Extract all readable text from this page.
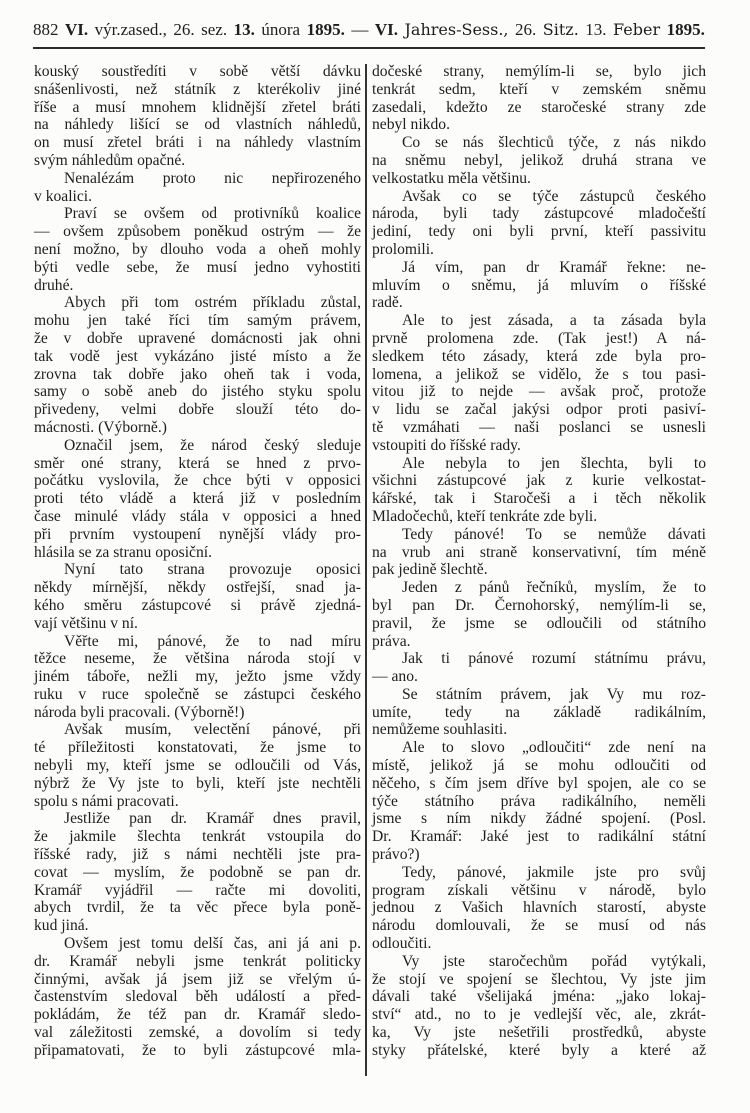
882 VI. výr.zased., 26. sez. 13. února 1895. — VI. Jahres-Sess., 26. Sitz. 13. Feber 1895.
kouský soustředíti v sobě větší dávku
snášenlivosti, než státník z kterékoliv jiné
říše a musí mnohem klidnější zřetel bráti
na náhledy lišící se od vlastních náhledů,
on musí zřetel bráti i na náhledy vlastním
svým náhledům opačné.
Nenalézám proto nic nepřirozeného
v koalici.
Praví se ovšem od protivníků koalice
— ovšem způsobem poněkud ostrým — že
není možno, by dlouho voda a oheň mohly
býti vedle sebe, že musí jedno vyhostiti
druhé.
Abych při tom ostrém příkladu zůstal,
mohu jen také říci tím samým právem,
že v dobře upravené domácnosti jak ohni
tak vodě jest vykázáno jisté místo a že
zrovna tak dobře jako oheň tak i voda,
samy o sobě aneb do jistého styku spolu
přivedeny, velmi dobře slouží této do-
mácnosti. (Výborně.)
Označil jsem, že národ český sleduje
směr oné strany, která se hned z prvo-
počátku vyslovila, že chce býti v opposici
proti této vládě a která již v posledním
čase minulé vlády stála v opposici a hned
při prvním vystoupení nynější vlády pro-
hlásila se za stranu oposiční.
Nyní tato strana provozuje oposici
někdy mírnější, někdy ostřejší, snad ja-
kého směru zástupcové si právě zjedná-
vají většinu v ní.
Věřte mi, pánové, že to nad míru
těžce neseme, že většina národa stojí v
jiném táboře, nežli my, ježto jsme vždy
ruku v ruce společně se zástupci českého
národa byli pracovali. (Výborně!)
Avšak musím, velectění pánové, při
té příležitosti konstatovati, že jsme to
nebyli my, kteří jsme se odloučili od Vás,
nýbrž že Vy jste to byli, kteří jste nechtěli
spolu s námi pracovati.
Jestliže pan dr. Kramář dnes pravil,
že jakmile šlechta tenkrát vstoupila do
říšské rady, již s námi nechtěli jste pra-
covat — myslím, že podobně se pan dr.
Kramář vyjádřil — račte mi dovoliti,
abych tvrdil, že ta věc přece byla poně-
kud jiná.
Ovšem jest tomu delší čas, ani já ani p.
dr. Kramář nebyli jsme tenkrát politicky
činnými, avšak já jsem již se vřelým ú-
častenstvím sledoval běh událostí a před-
pokládám, že též pan dr. Kramář sledo-
val záležitosti zemské, a dovolím si tedy
připamatovati, že to byli zástupcové mla-
dočeské strany, nemýlím-li se, bylo jich
tenkrát sedm, kteří v zemském sněmu
zasedali, kdežto ze staročeské strany zde
nebyl nikdo.
Co se nás šlechticů týče, z nás nikdo
na sněmu nebyl, jelikož druhá strana ve
velkostatku měla většinu.
Avšak co se týče zástupců českého
národa, byli tady zástupcové mladočeští
jediní, tedy oni byli první, kteří passivitu
prolomili.
Já vím, pan dr Kramář řekne: ne-
mluvím o sněmu, já mluvím o říšské
radě.
Ale to jest zásada, a ta zásada byla
prvně prolomena zde. (Tak jest!) A ná-
sledkem této zásady, která zde byla pro-
lomena, a jelikož se vidělo, že s tou pasi-
vitou již to nejde — avšak proč, protože
v lidu se začal jakýsi odpor proti pasiví-
tě vzmáhati — naši poslanci se usnesli
vstoupiti do říšské rady.
Ale nebyla to jen šlechta, byli to
všichni zástupcové jak z kurie velkostat-
kářské, tak i Staročeši a i těch několik
Mladočechů, kteří tenkráte zde byli.
Tedy pánové! To se nemůže dávati
na vrub ani straně konservativní, tím méně
pak jedině šlechtě.
Jeden z pánů řečníků, myslím, že to
byl pan Dr. Černohorský, nemýlím-li se,
pravil, že jsme se odloučili od státního
práva.
Jak ti pánové rozumí státnímu právu,
— ano.
Se státním právem, jak Vy mu roz-
umíte, tedy na základě radikálním,
nemůžeme souhlasiti.
Ale to slovo „odloučiti“ zde není na
místě, jelikož já se mohu odloučiti od
něčeho, s čím jsem dříve byl spojen, ale co se
týče státního práva radikálního, neměli
jsme s ním nikdy žádné spojení. (Posl.
Dr. Kramář: Jaké jest to radikální státní
právo?)
Tedy, pánové, jakmile jste pro svůj
program získali většinu v národě, bylo
jednou z Vašich hlavních starostí, abyste
národu domlouvali, že se musí od nás
odloučiti.
Vy jste staročechům pořád vytýkali,
že stojí ve spojení se šlechtou, Vy jste jim
dávali také všelijaká jména: „jako lokaj-
ství“ atd., no to je vedlejší věc, ale, zkrát-
ka, Vy jste nešetřili prostředků, abyste
styky přátelské, které byly a které až
